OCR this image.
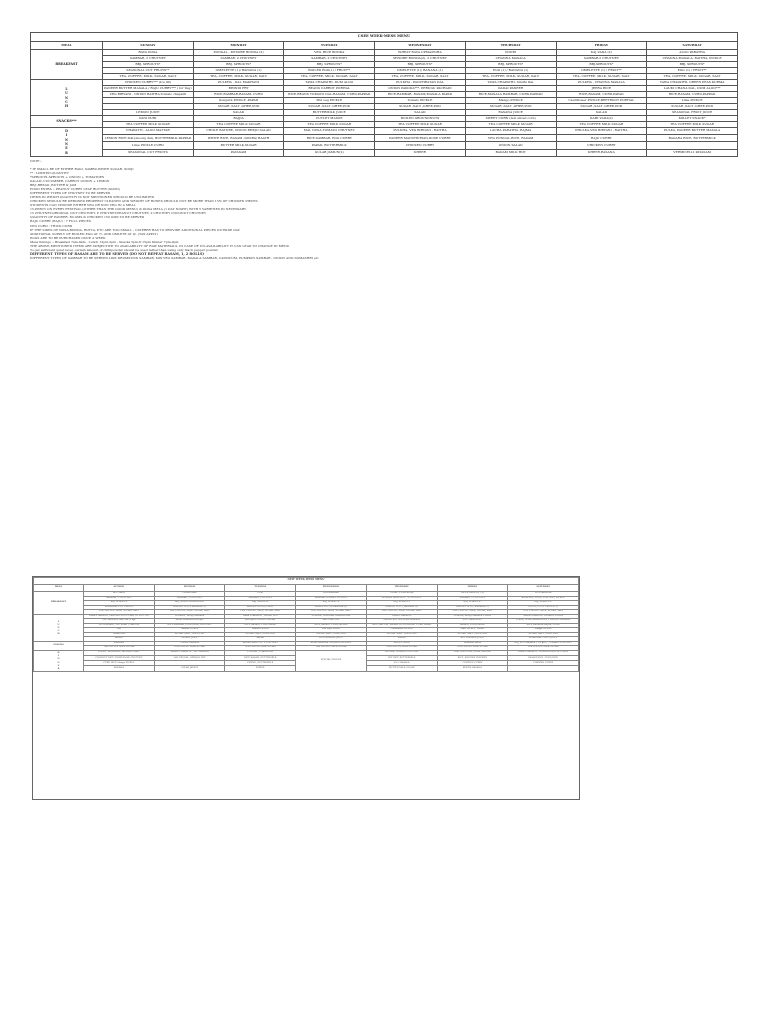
CSEE WEEK-MESS MENU							
MEAL	SUNDAY	MONDAY	TUESDAY	WEDNESDAY	THURSDAY	FRIDAY	SATURDAY

BREAKFAST	RAVA DOSA	PONGAL , MYSORE BONDA (2)	VEG. RICE BONDA	WHEAT RAVA UPMA/POHA	POORI	KAJ VADA (2)	ALOO PARATHA
	SAMBAR, 2 CHUTNEY	SAMBAR, 2 CHUTNEY	SAMBAR, 2 CHUTNEY	MYSORE BONDA(2), 2 CHUTNEY	CHANNA MASALA	SAMBAR,2 CHUTNEY	CHANNA MASALA, RAITHA, PICKLE
	BBJ, SPROUTS*	BBJ, SPROUTS*	BBJ, SPROUTS*	BBJ, SPROUTS*	BBJ, SPROUTS*	BBJ,SPROUTS*	BBJ, SPROUTS*
	SEASONAL CUT FRUITS**	OMELETTE (1)/ BANANA (1)	BOILED EGG(1) / FRUIT**	OMELETTE (1)/ BANANA (1)	EGG (1) / BANANA (1)	OMELETTE (1) / FRUIT**	EGG (1) / FRUIT**
	TEA, COFFEE, MILK, SUGAR, SALT	TEA, COFFEE, MILK, SUGAR, SALT	TEA, COFFEE, MILK, SUGAR, SALT	TEA, COFFEE, MILK, SUGAR, SALT	TEA, COFFEE, MILK, SUGAR, SALT	TEA, COFFEE, MILK, SUGAR, SALT	TEA, COFFEE, MILK, SUGAR, SALT

LUNCH	CHICKEN CURRY*** (Ice 90)	PULKHA , DAL MAKHANI	TAWA CHAPATHI, DUM ALOO	PULKHA , PANCHRATAN DAL	TAWA CHAPATHI, Sindhi Dal,	PULKHA , CHANNA MASALA	TAWA CHAPATHI, GREEN PEAS KURMA
	PANEER BUTTER MASALA / RAJU CURRY*** ( for Veg)	BHINDI FRY	BEANS CARROT PORIYAL	ONION PAKODA***, PERUGU PACHADI	KADAI PANEER	JEERA RICE	LAUKI CHANA DAL, DUM ALOO***
	VEG BIRYANI , ONION RAITHA,Tomato chapatti	RICE,RAMBAR,RASAM, CURD	RICE,BEANS TOMATO DAL,RASAM, CURD,PAPPAD	RICE,RAMBAR, RASAM,MASALA PAPAD	RICE,MASALA RAMBAR, CURD,PAPPAD	RICE,RASAM, CURD,PAPAD	RICE,RASAM, CURD,PAPPAD
		Gongura PICKLE ,PAPAD	Mix veg PICKLE	Tomato PICKLE	Mango PICKLE	Cauliflower PICKLE,BEETROOT PORIYAL	Lime PICKLE
		SUGAR ,SALT ,GHEE,POD	SUGAR ,SALT ,GHEE,POD	SUGAR ,SALT ,GHEE,POD	SUGAR ,SALT ,GHEE,POD	SUGAR ,SALT ,GHEE,POD	SUGAR ,SALT ,GHEE,POD
	LEMON JUICE	SALAD	BUTTERMILK JUICE	SALAD	RASANA JUICE	SALAD	SEASONAL FRUIT JUICE

SNACKS***	PANI PURI	BAJJIA	CUTLET MASOE	BOILED GROUNDNUTS	SWEET CORN (boil sliced corn)	DAHI VADA(2)	MILLET SNACK*
	TEA COFFEE MILK SUGAR	TEA COFFEE MILK SUGAR	TEA COFFEE MILK SUGAR	TEA COFFEE MILK SUGAR	TEA COFFEE MILK SUGAR	TEA COFFEE MILK SUGAR	TEA COFFEE MILK SUGAR

DINNER	CHAPATTI , ALOO MATTAR	CHOLE BATURE, ONION BHEJO SALAD	MAL DOSA,TOMATO CHUTNEY	PULKHA, VEG BIRYANI , RAITHA	LACHA PARATHA ,RAJMA	PHULKA,VEG BIRYANI , RAITHA	PULKA, PANEER BUTTER MASALA
	LEMON RICE,DAL(moong dal), BUTTERMILK,PAPPAD	WHITE RICE, RASAM ,DOSRA/ BAATH	RICE,SAMBAR, EGG CURRY	PANEER MANCHURIAN,DOSE CURRY	VEG PONGAL,RICE, RASAM	RAJU CURRY	BAGARA RICE, BUTTERMILK
	Lime PICKLE,CURD	BUTTER MILK,SUGAR	PAPAD, BUTTERMILK	CHICKEN CURRY	ONION SALAD	CHICKEN CURRY	
	SEASONAL CUT FRUITS	PAYASAM	GULAB JAMUN(2)	KHEER	BADAM MILK HOT	KHEER,RASANA	VERMICELLI PAYASAM
NOTE:-
* IF SMALL BE OF EITHER RAGI, SAMBU,WHITE SUGAR, SOOJI
** : LIMITED QUANTITY
*SPROUTS-SPROUTS + ONION + TOMATOES
SALAD:-CUCUMBER, CARROT, ONION + LEMON
BBJ:-BREAD ,BUTTER & JAM
FOOD EXTRA :- PEANUT CURRY LEAF BUTTER (SOON)
DIFFERENT TYPES OF CHUTNEY TO BE SERVED
ITEMS IN WHICH QUANTITY IS NOT MENTIONED SHOULD BE UNLIMITED
CHICKEN SHOULD BE DEBONED PROPERLY CLEANED AND WEIGHT OF BONES SHOULD NOT BE MORE THAN 15% OF CHICKEN PIECES
STUDENTS CAN CHOOSE EITHER VEG OR NON VEG IN A MEAL
15-PERCY ON EVERY FESTIVAL (OTHER THAN THE GOOD MENU) & DOSA MELA (1 DAY NIGHT) WITH 5 VARIETIES IN NECESSARY
15 CHUTNEY-ORIGINAL NUT CHUTNEY, P CHUTNEY,PEANUT CHUTNEY, 2 CHUTNEY COCONUT CHUTNEY
QUANTITY OF PANEER- 80 GMS & CHICKEN 150 GMS TO BE SERVED
RAJU CURRY (RAJU) : 7 FULL PIECES
VEG CURD : THICK CURD
IF THE SIDES OF DOSA,BONDA, ROTTA, ETC ARE TOO SMALL , CATERER HAS TO PROVIDE ADDITIONAL PIECES OUTSIDE DAY.
ADDITIONAL SUPPLY OF BOILED EGG AT 7/- AND OMLETE AT 9/- (TAX APPLY)
EGGS ARE TO BE PURCHASED ONCE A WEEK
Mess timings :- Breakfast 7am-9am , Lunch 12pm-2pm , Snacks 5pm-6:15pm Dinner 7pm-9pm
THE ABOVE-MENTIONED ITEMS ARE SUBJECTIVE TO AVAILABILITY OF RAW MATERIALS. IN CASE OF UN-AVAILABILITY IT CAN LEAD TO CHANGE IN MENU
To get sufficient quiet level, certain amount of chillipowder should be used rather than using only black pepper powder.
DIFFERENT TYPES OF RASAM ARE TO BE SERVED (DO NOT REPEAT RASAM, 1, 2 ROLLS)
DIFFERENT TYPES OF SAMBAR TO BE SERVED LIKE DRUMSTICK SAMBAR, MIX VEG SAMBAR, MASALA SAMBAR, CAPSICUM, PUMPKIN SAMBAR , ONION AND SOMASHRI etc
NEW WEEK-MESS MENU							
MEAL	SUNDAY	MONDAY	TUESDAY	WEDNESDAY	THURSDAY	FRIDAY	SATURDAY

BREAKFAST	ALU VADA	POORI/Tawa	PURI	IDLI/SAMBAR	UPMA / CHEA BHAJI	IDLI & VADA (2), [S]	VEG PARATHA
	SAMBAR, 2 CHUTNEY	SAMBAR, 2 CHUTNEY	SAMBAR, CHUTNEY	SAMBAR,PURMA CHUTNEY	MYSORE BONDA (2) , 2 CHUTNEY	SAMBAR, 2 CHUTNEY	ALOO-SEV, CURD, CHUTNEY, PICKLE
	BBJ, SPROUTS	BBJ, SPROUTS/MORNING	BBJ, SPROUTS	BBJ, SPROUTS	BBJ, SPROUTS	BBJ, SPROUTS*	BBJ, SPROUTS*
	SEASONAL CUT FRUITS	OMELETTE (1)/ BANANA (1)	BOILED EGG(1)/ FRUIT	OMELETTE (1)/ BANANA (1)	OMELETTE (1) ,BANANA (1)	OMELETTE (1), BANANA (1)	EGG (1) / CUT FRUITS (1)
	TEA, COFFEE, MILK, SUGAR, SALT	TEA, COFFEE, MILK, SUGAR, SALT	TEA, COFFEE, MILK, SUGAR, SALT	TEA, COFFEE, MILK, SUGAR, SALT	TEA, COFFEE, MILK, SUGAR, SALT	TEA, COFFEE, MILK, SUGAR, SALT	TEA, COFFEE, MILK, SUGAR, SALT

LUNCH	TAWA CHAPATHI, PANEER/ EGG CURRY (1/ VEG 1/2)	PULKHA , BHAJI MASALA	TAWA CHAPATHI , MIXED VEG	PULKHA , ANDHRA TOMATO DAL	TAWA CHAPATHI	PULKHA, BHAJI MASALA CURRY	TAWA CHAPATHI, TOMATO CURRY
	VEG BIRYANI, RAITHA (1 ug)	ALOO MASALA BRINJAL	BRINJAL/POTATO PORIYAL	ROTI DAL FRY	ONION BUTTER PEAS MASALA	VEG. SAMPLING	TORAI, PEAS,MASALA DRY, CHICKEN MASALA
	VEG BIRYANI, VEG KHATT, RAITHA	RICE,SAMBAR,CURD,DOSE,CHUTNEY	RICE,RASAM, CURD,PAPAD	RICE,RASAM, CURD,PAPPAD	RICE,DAL FRY, RASAM,BUTTERMILK, CURD,PAPAD	RASAM, CURD,PAPAD	RICE,RAMBAR,BAJRA, CURD
	Dal	Tomato PICKLE	Tomato PICKLE	Mix veg PICKLE	Cauliflower PICKLE	Lime PICKLE, PAPAD	Mango PICKLE
	TORAI DAL	SUGAR ,SALT ,GHEE,POD	SUGAR ,SALT ,GHEE,POD	SUGAR ,SALT ,GHEE,POD	SUGAR ,SALT ,GHEE,POD	SUGAR ,SALT ,GHEE,POD	SUGAR ,SALT ,GHEE,POD
	SALAD	LEMON JUICE	SALAD	BUTTERMILK JUICE	SALAD	BUTTERMILK JUICE	SEASONAL FRUIT JUICE

SNACKS	SAMOSA	CHOLE PAKODA	BREAD ROLL (1) / 2 CHUTNEY	ALOO SAMOSA / ONION CHUTNEY	SWEET CORN	MASALA VADA	BBJ, VEG MASALA ( 1/2 pcs ) , TOMATO CHUTNEY
	TEA COFFEE MILK SUGAR	TEA COFFEE MILK SUGAR	TEA COFFEE MILK SUGAR	TEA COFFEE MILK SUGAR	TEA COFFEE MILK SUGAR	TEA COFFEE MILK SUGAR	TEA COFFEE MILK SUGAR

DINNER	PULAV , KURMA BE TALUKA CURRY	SMALL CHAPATHI , VEG BIRYANI	PHULKA , CHANA DAL	SPECIAL DINNER	PHULKA, TOMATO CHUTNEY	DAL GHEE DAL, DOSA, RAITHA	TAWA CHAPATHI, CHAPATHI KOFTA CURRY
	COCONUT RICE,THREESOME CHUTNEY	DAL FRY,DAL, BRINJAL FRY	RICE,RASAM, BUTTERMILK		FRY RICE,BUTTERMILK	RICE, ANDHRA CHICKEN	RASAM,RICE, CURD,RICE
	CURD RICE,Mango PICKLE		PICKLE ,BUTTERMILK		EGG MASALA	CHICKEN CURRY	CHICKEN CURRY
	BANANA	GULAB JAMUN	KHEER		BUTTER MILK SUGAR	KHEER RASANA	
